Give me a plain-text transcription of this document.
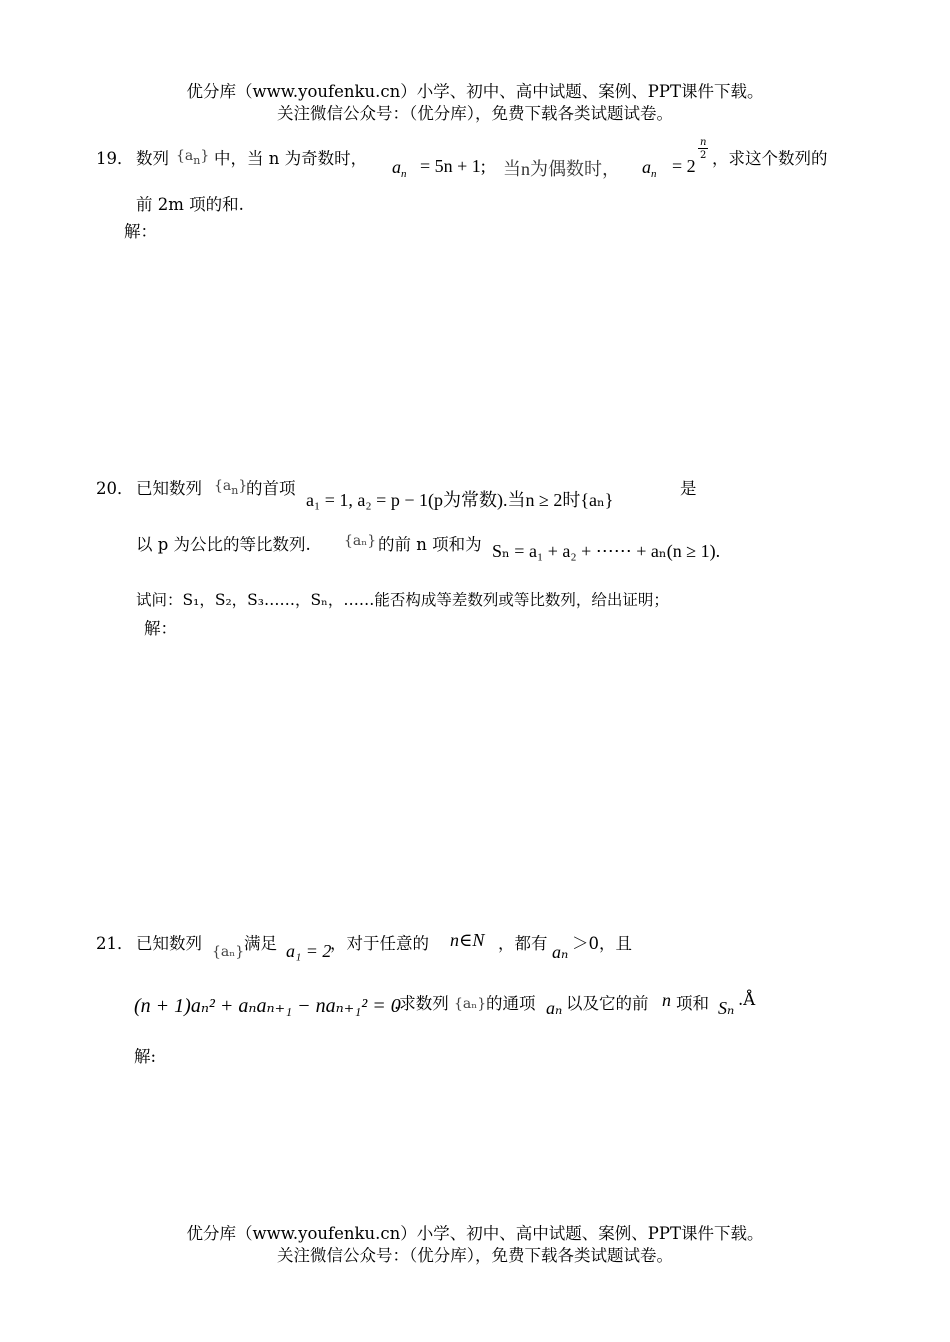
优分库（www.youfenku.cn）小学、初中、高中试题、案例、PPT课件下载。
关注微信公众号：（优分库），免费下载各类试题试卷。
19． 数列 $\{a_n\}$ 中，当 n 为奇数时， $a_n = 5n + 1$; 当n为偶数时， $a_n = 2$
n
2 ，求这个数列的
前 2m 项的和.
解：
20． 已知数列 $\{a_n\}$
的首项
a₁ = 1, a₂ = p − 1(p为常数).当n ≥ 2时{aₙ}
是
以 p 为公比的等比数列. {aₙ} 的前 n 项和为 Sₙ = a₁ + a₂ + ⋯⋯ + aₙ(n ≥ 1).
试问：S₁，S₂，S₃……，Sₙ，……能否构成等差数列或等比数列，给出证明；
解：
21． 已知数列 {aₙ} 满足 a₁ = 2
，对于任意的 n∈N ，都有 aₙ ＞0，且
(n + 1)aₙ² + aₙaₙ₊₁ − naₙ₊₁² = 0
.求数列 {aₙ} 的通项 aₙ 以及它的前 n 项和 Sₙ .Å
解:
优分库（www.youfenku.cn）小学、初中、高中试题、案例、PPT课件下载。
关注微信公众号：（优分库），免费下载各类试题试卷。
